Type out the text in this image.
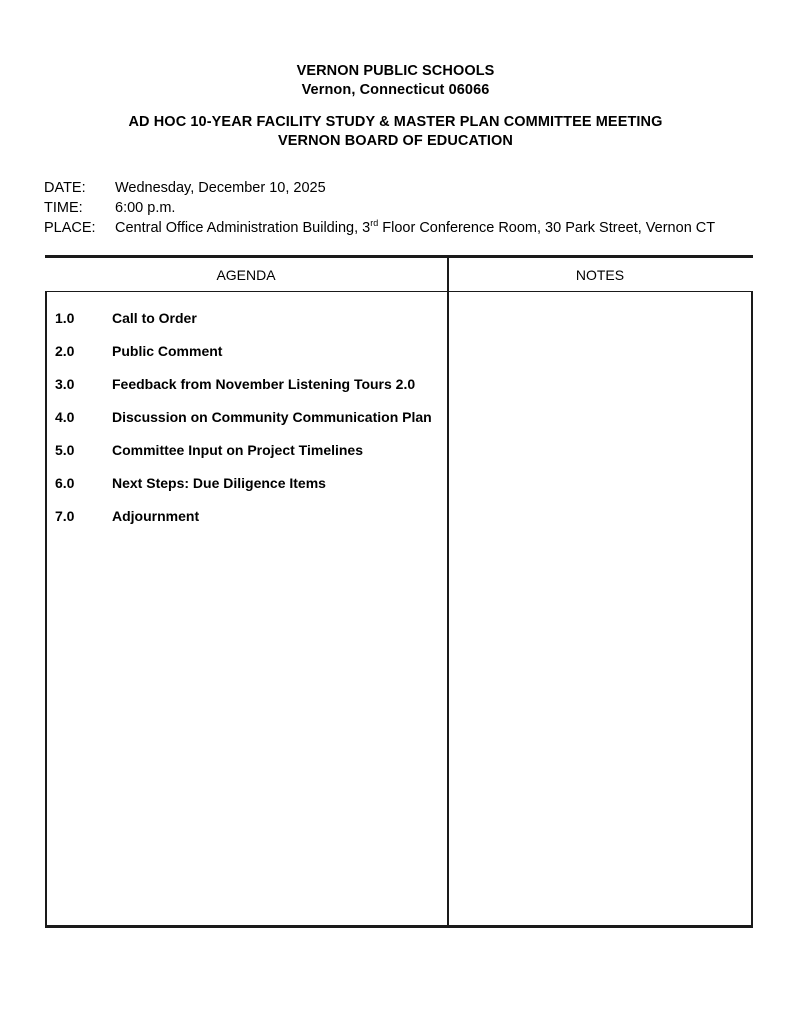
VERNON PUBLIC SCHOOLS
Vernon, Connecticut 06066
AD HOC 10-YEAR FACILITY STUDY & MASTER PLAN COMMITTEE MEETING
VERNON BOARD OF EDUCATION
DATE:	Wednesday, December 10, 2025
TIME:	6:00 p.m.
PLACE:	Central Office Administration Building, 3rd Floor Conference Room, 30 Park Street, Vernon CT
AGENDA	NOTES
1.0	Call to Order
2.0	Public Comment
3.0	Feedback from November Listening Tours 2.0
4.0	Discussion on Community Communication Plan
5.0	Committee Input on Project Timelines
6.0	Next Steps: Due Diligence Items
7.0	Adjournment
